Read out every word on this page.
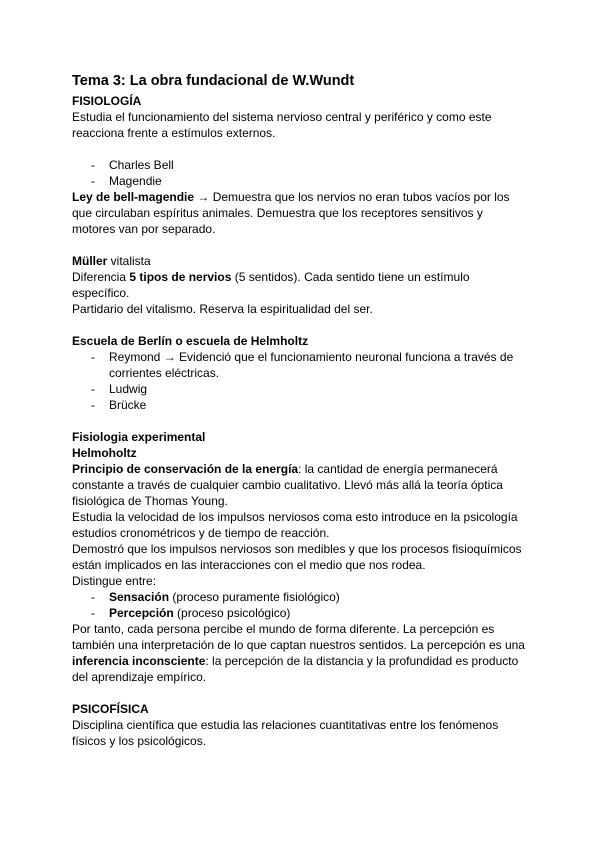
Tema 3: La obra fundacional de W.Wundt

FISIOLOGÍA

Estudia el funcionamiento del sistema nervioso central y periférico y como este reacciona frente a estímulos externos.

- Charles Bell
- Magendie

Ley de bell-magendie → Demuestra que los nervios no eran tubos vacíos por los que circulaban espíritus animales. Demuestra que los receptores sensitivos y motores van por separado.

Müller vitalista

Diferencia 5 tipos de nervios (5 sentidos). Cada sentido tiene un estímulo específico.

Partidario del vitalismo. Reserva la espiritualidad del ser.

Escuela de Berlín o escuela de Helmholtz

- Reymond → Evidenció que el funcionamiento neuronal funciona a través de corrientes eléctricas.
- Ludwig
- Brücke

Fisiologia experimental

Helmoholtz

Principio de conservación de la energía: la cantidad de energía permanecerá constante a través de cualquier cambio cualitativo. Llevó más allá la teoría óptica fisiológica de Thomas Young.

Estudia la velocidad de los impulsos nerviosos coma esto introduce en la psicología estudios cronométricos y de tiempo de reacción.

Demostró que los impulsos nerviosos son medibles y que los procesos fisioquímicos están implicados en las interacciones con el medio que nos rodea.

Distingue entre:

- Sensación (proceso puramente fisiológico)
- Percepción (proceso psicológico)

Por tanto, cada persona percibe el mundo de forma diferente. La percepción es también una interpretación de lo que captan nuestros sentidos. La percepción es una inferencia inconsciente: la percepción de la distancia y la profundidad es producto del aprendizaje empírico.

PSICOFÍSICA

Disciplina científica que estudia las relaciones cuantitativas entre los fenómenos físicos y los psicológicos.
